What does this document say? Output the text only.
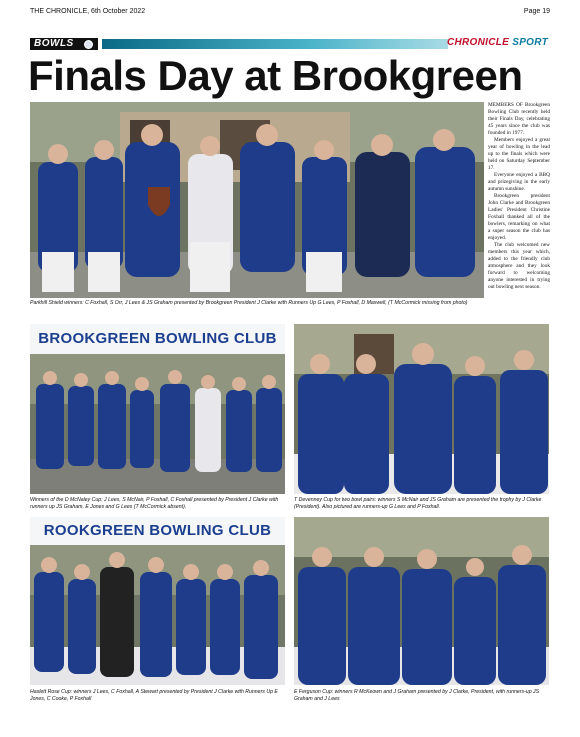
THE CHRONICLE, 6th October 2022	Page 19
BOWLS	CHRONICLE SPORT
Finals Day at Brookgreen
Parkhill Shield winners: C Foxhall, S Orr, J Lees & JS Graham presented by Brookgreen President J Clarke with Runners Up G Lees, P Foxhall, D Maxwell, (T McCormick missing from photo)

MEMBERS OF Brookgreen Bowling Club recently held their Finals Day, celebrating 45 years since the club was founded in 1977.

Members enjoyed a great year of bowling in the lead up to the finals which were held on Saturday September 17.

Everyone enjoyed a BBQ and prizegiving in the early autumn sunshine.

Brookgreen president John Clarke and Brookgreen Ladies' President Christine Foxhall thanked all of the bowlers, remarking on what a super season the club has enjoyed.

The club welcomed new members this year which, added to the friendly club atmosphere and they look forward to welcoming anyone interested in trying out bowling next season.

BROOKGREEN BOWLING CLUB
Winners of the D McNaley Cup: J Lees, S McNair, P Foxhall, C Foxhall presented by President J Clarke with runners up JS Graham, E Jones and G Lees (T McCormick absent).
T Devenney Cup for two bowl pairs: winners S McNair and JS Graham are presented the trophy by J Clarke (President). Also pictured are runners-up G Lees and P Foxhall.
ROOKGREEN BOWLING CLUB
Haslett Rose Cup: winners J Lees, C Foxhall, A Stewart presented by President J Clarke with Runners Up E Jones, C Cooke, P Foxhall
E Ferguson Cup: winners R McKeown and J Graham presented by J Clarke, President, with runners-up JS Graham and J Lees
